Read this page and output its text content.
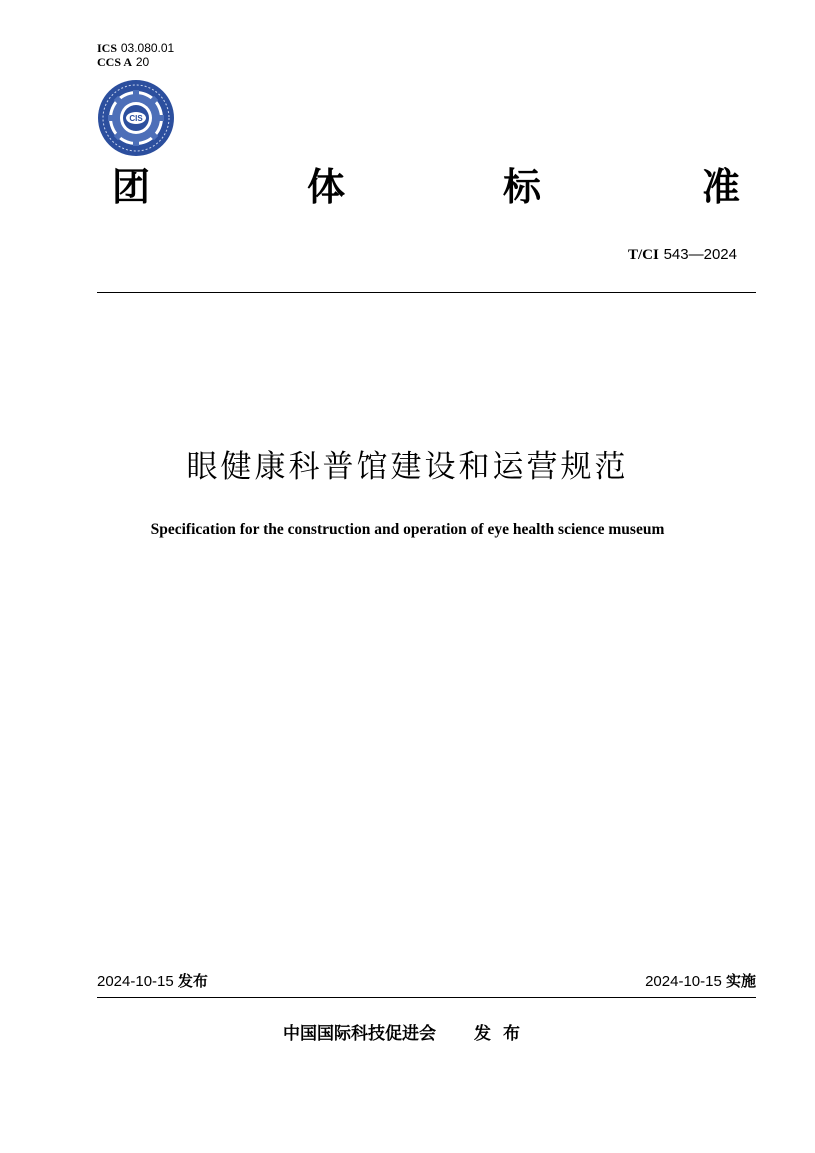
ICS 03.080.01
CCS A 20
CIS
团	体	标	准
T/CI 543—2024
眼健康科普馆建设和运营规范
Specification for the construction and operation of eye health science museum
2024-10-15 发布	2024-10-15 实施
中国国际科技促进会 发布
